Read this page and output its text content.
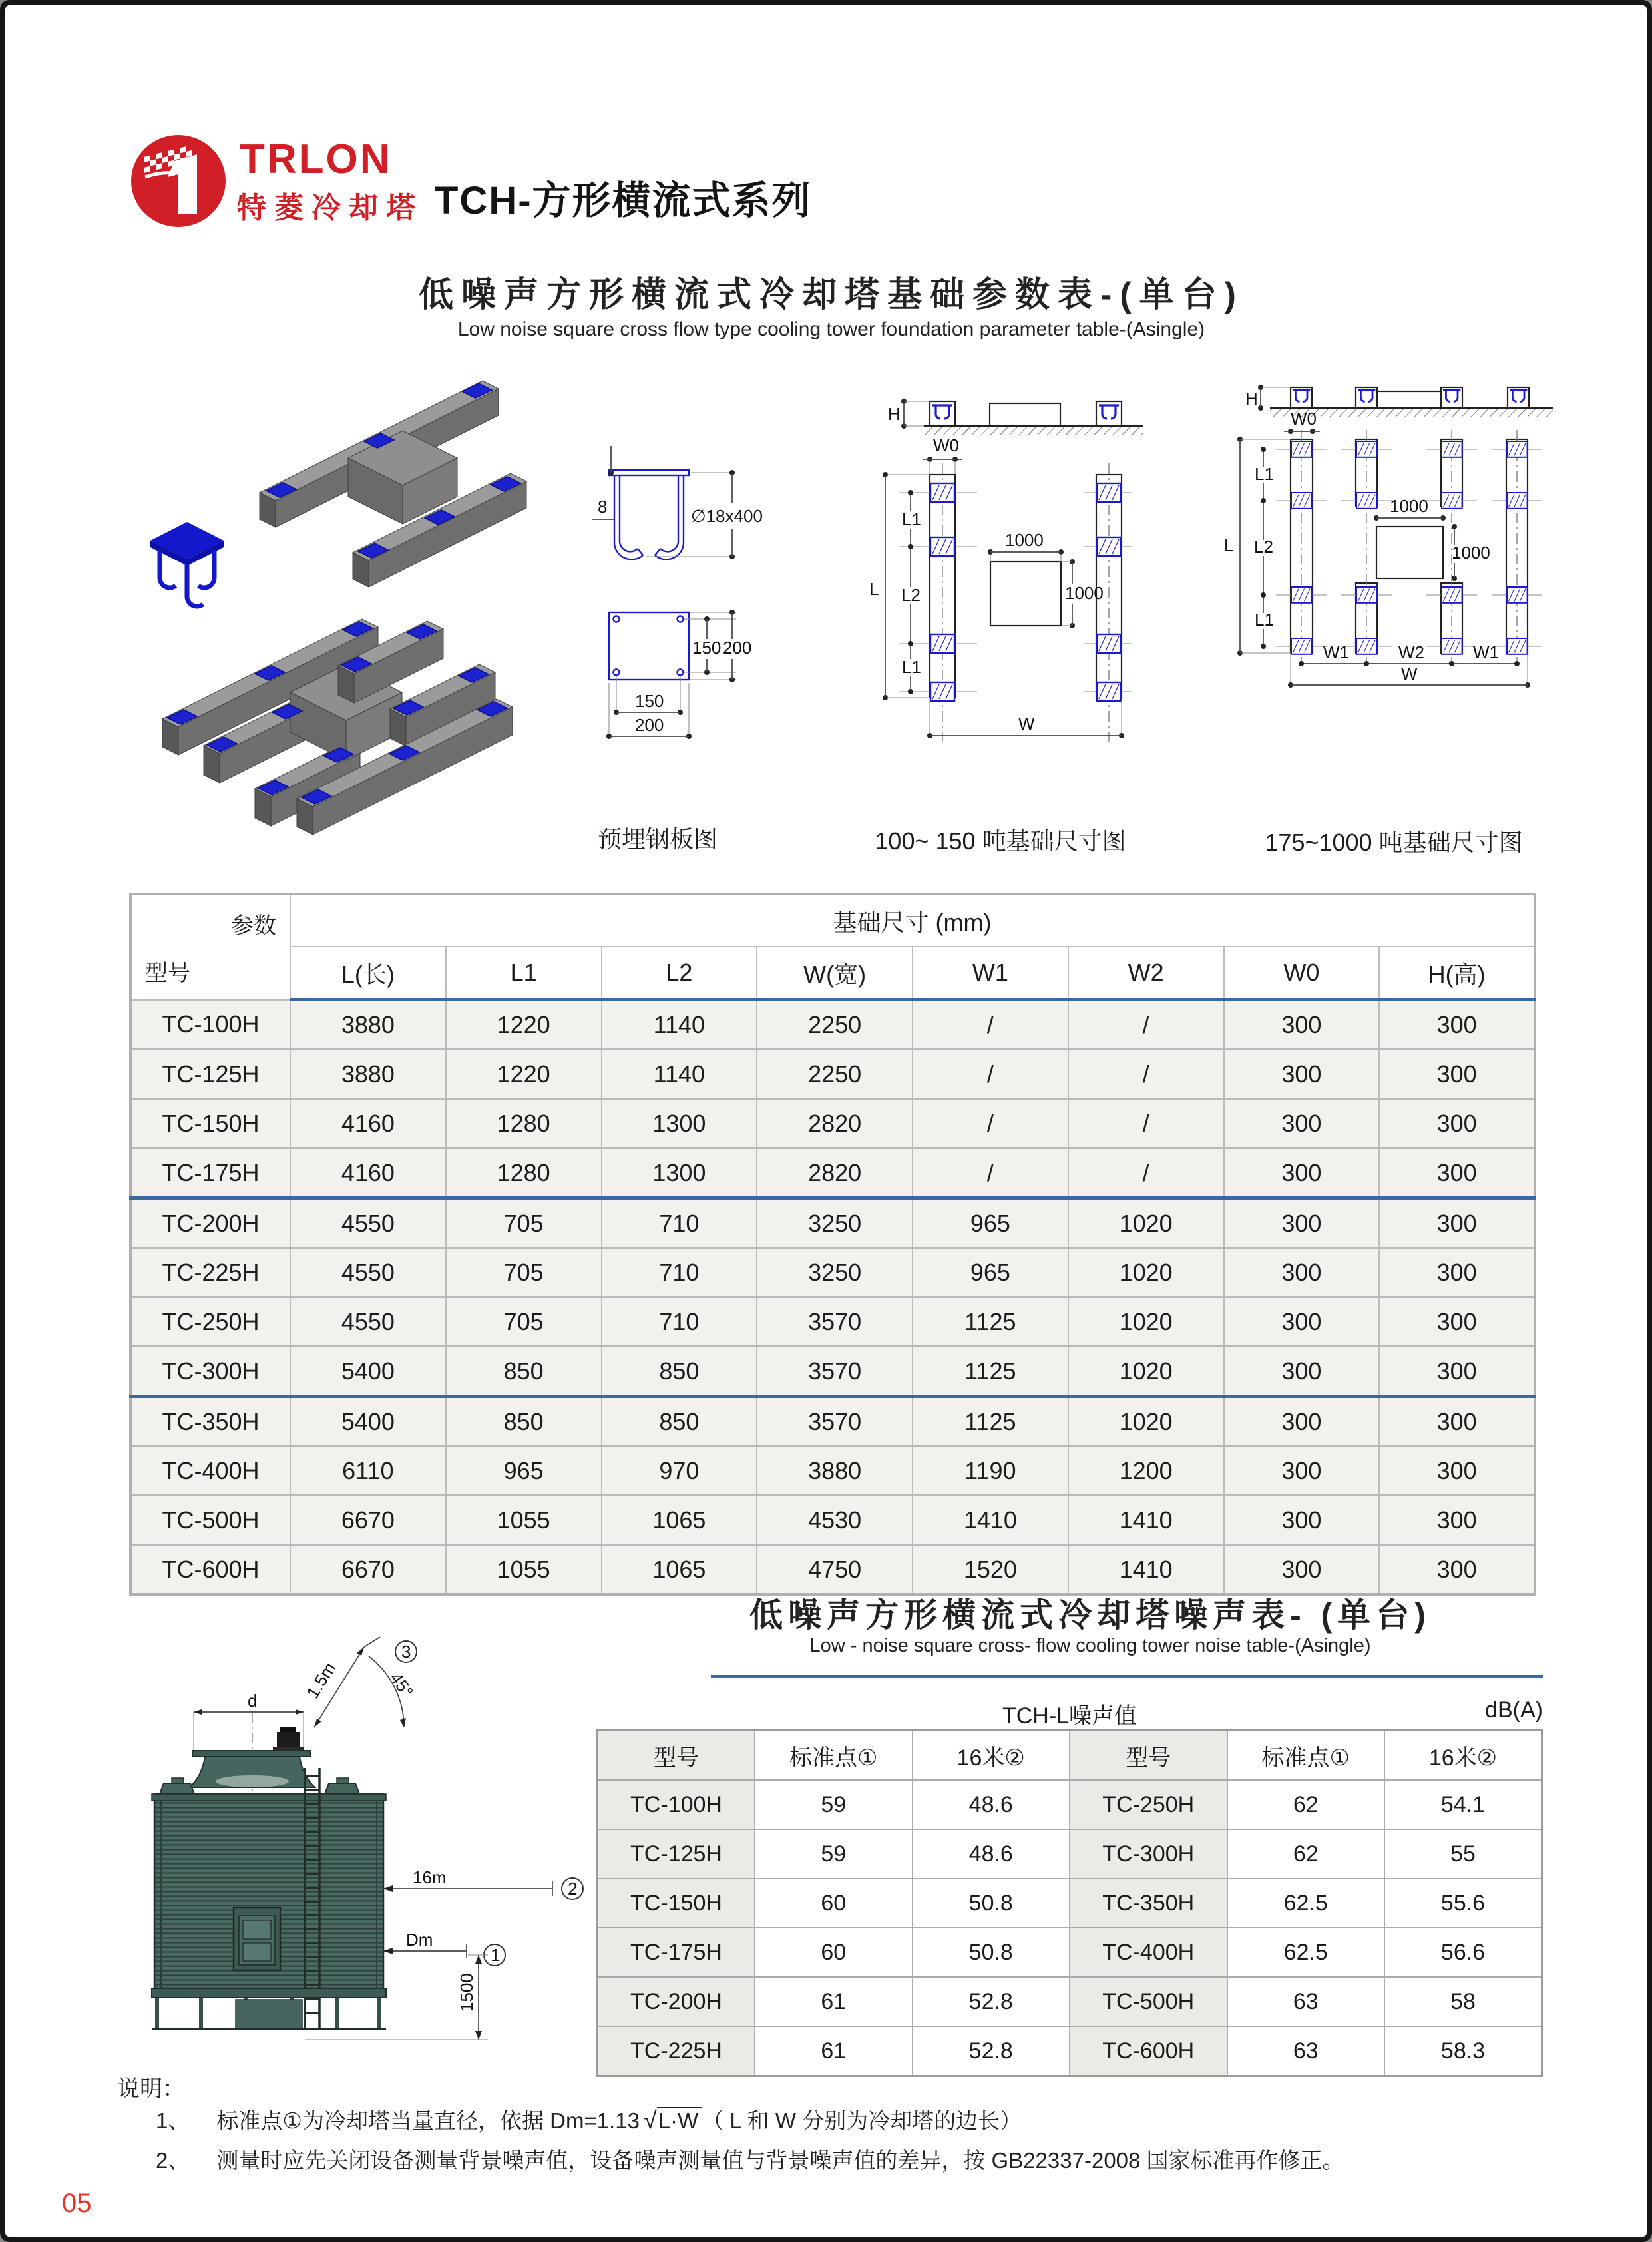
TRLON
特菱冷却塔 TCH-方形横流式系列
低噪声方形横流式冷却塔基础参数表-(单台)
Low noise square cross flow type cooling tower foundation parameter table-(Asingle)
8	∅18x400
150 200
150
200
H
W0
L
L1
L2
L1
1000
1000
W
H
W0
L
L1
L2
L1
1000
1000
W1	W2	W1
W
预埋钢板图	100~ 150 吨基础尺寸图	175~1000 吨基础尺寸图
参数
型号	基础尺寸 (mm)							
	L(长)	L1	L2	W(宽)	W1	W2	W0	H(高)
TC-100H	3880	1220	1140	2250	/	/	300	300
TC-125H	3880	1220	1140	2250	/	/	300	300
TC-150H	4160	1280	1300	2820	/	/	300	300
TC-175H	4160	1280	1300	2820	/	/	300	300
TC-200H	4550	705	710	3250	965	1020	300	300
TC-225H	4550	705	710	3250	965	1020	300	300
TC-250H	4550	705	710	3570	1125	1020	300	300
TC-300H	5400	850	850	3570	1125	1020	300	300
TC-350H	5400	850	850	3570	1125	1020	300	300
TC-400H	6110	965	970	3880	1190	1200	300	300
TC-500H	6670	1055	1065	4530	1410	1410	300	300
TC-600H	6670	1055	1065	4750	1520	1410	300	300
低噪声方形横流式冷却塔噪声表- (单台)
Low - noise square cross- flow cooling tower noise table-(Asingle)
TCH-L噪声值	dB(A)
d	1.5m	45°
3
16m
2
Dm
1
1500
型号	标准点①	16米②	型号	标准点①	16米②
TC-100H	59	48.6	TC-250H	62	54.1
TC-125H	59	48.6	TC-300H	62	55
TC-150H	60	50.8	TC-350H	62.5	55.6
TC-175H	60	50.8	TC-400H	62.5	56.6
TC-200H	61	52.8	TC-500H	63	58
TC-225H	61	52.8	TC-600H	63	58.3
说明：
1、 标准点①为冷却塔当量直径，依据 Dm=1.13 √ L·W （ L 和 W 分别为冷却塔的边长）
2、 测量时应先关闭设备测量背景噪声值，设备噪声测量值与背景噪声值的差异，按 GB22337-2008 国家标准再作修正。
05
